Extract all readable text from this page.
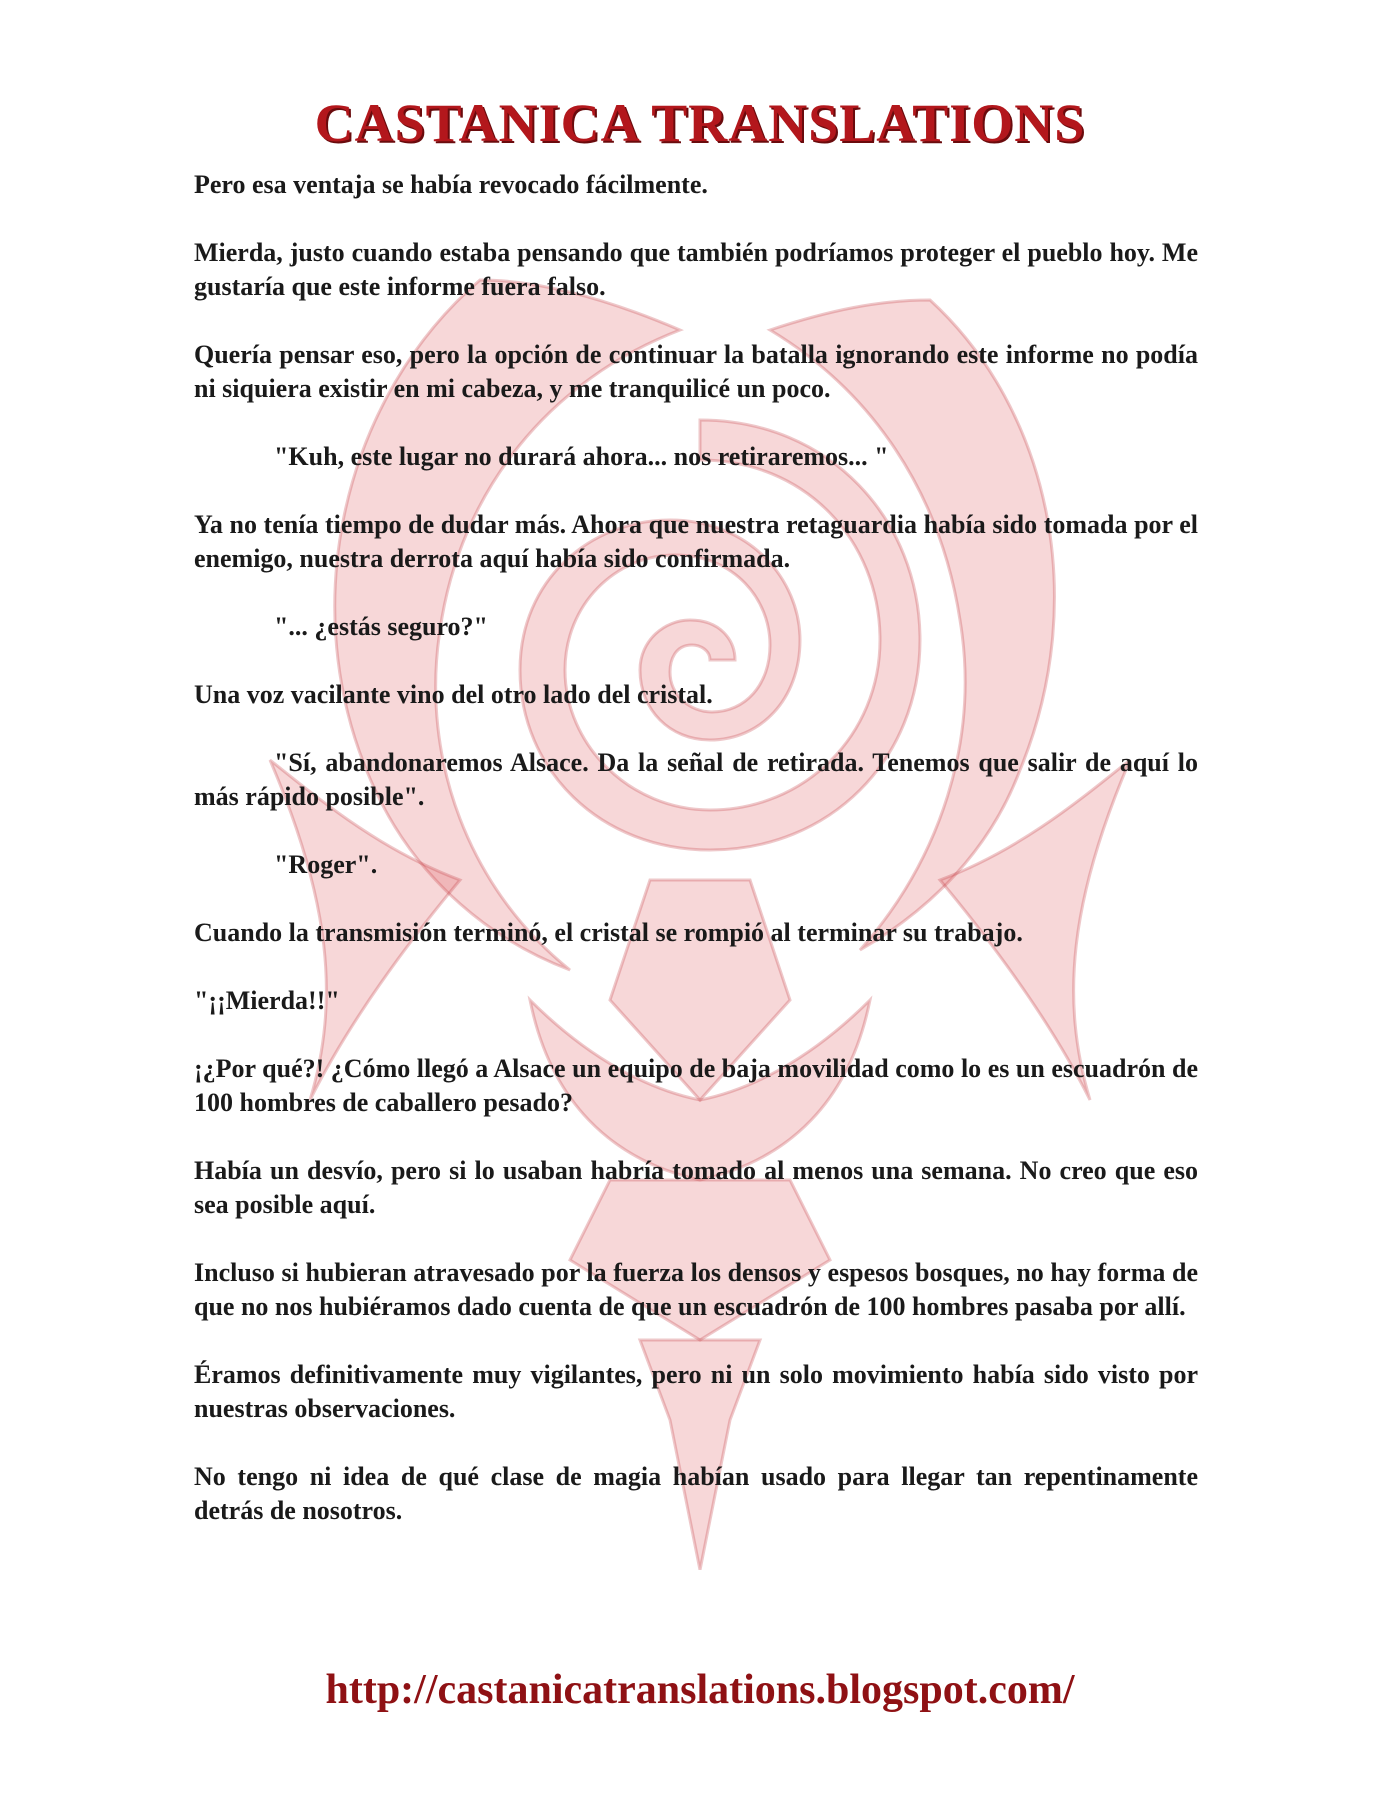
CASTANICA TRANSLATIONS

Pero esa ventaja se había revocado fácilmente.

Mierda, justo cuando estaba pensando que también podríamos proteger el pueblo hoy. Me gustaría que este informe fuera falso.

Quería pensar eso, pero la opción de continuar la batalla ignorando este informe no podía ni siquiera existir en mi cabeza, y me tranquilicé un poco.

"Kuh, este lugar no durará ahora... nos retiraremos... "

Ya no tenía tiempo de dudar más. Ahora que nuestra retaguardia había sido tomada por el enemigo, nuestra derrota aquí había sido confirmada.

"... ¿estás seguro?"

Una voz vacilante vino del otro lado del cristal.

"Sí, abandonaremos Alsace. Da la señal de retirada. Tenemos que salir de aquí lo más rápido posible".

"Roger".

Cuando la transmisión terminó, el cristal se rompió al terminar su trabajo.

"¡¡Mierda!!"

¡¿Por qué?! ¿Cómo llegó a Alsace un equipo de baja movilidad como lo es un escuadrón de 100 hombres de caballero pesado?

Había un desvío, pero si lo usaban habría tomado al menos una semana. No creo que eso sea posible aquí.

Incluso si hubieran atravesado por la fuerza los densos y espesos bosques, no hay forma de que no nos hubiéramos dado cuenta de que un escuadrón de 100 hombres pasaba por allí.

Éramos definitivamente muy vigilantes, pero ni un solo movimiento había sido visto por nuestras observaciones.

No tengo ni idea de qué clase de magia habían usado para llegar tan repentinamente detrás de nosotros.

http://castanicatranslations.blogspot.com/
